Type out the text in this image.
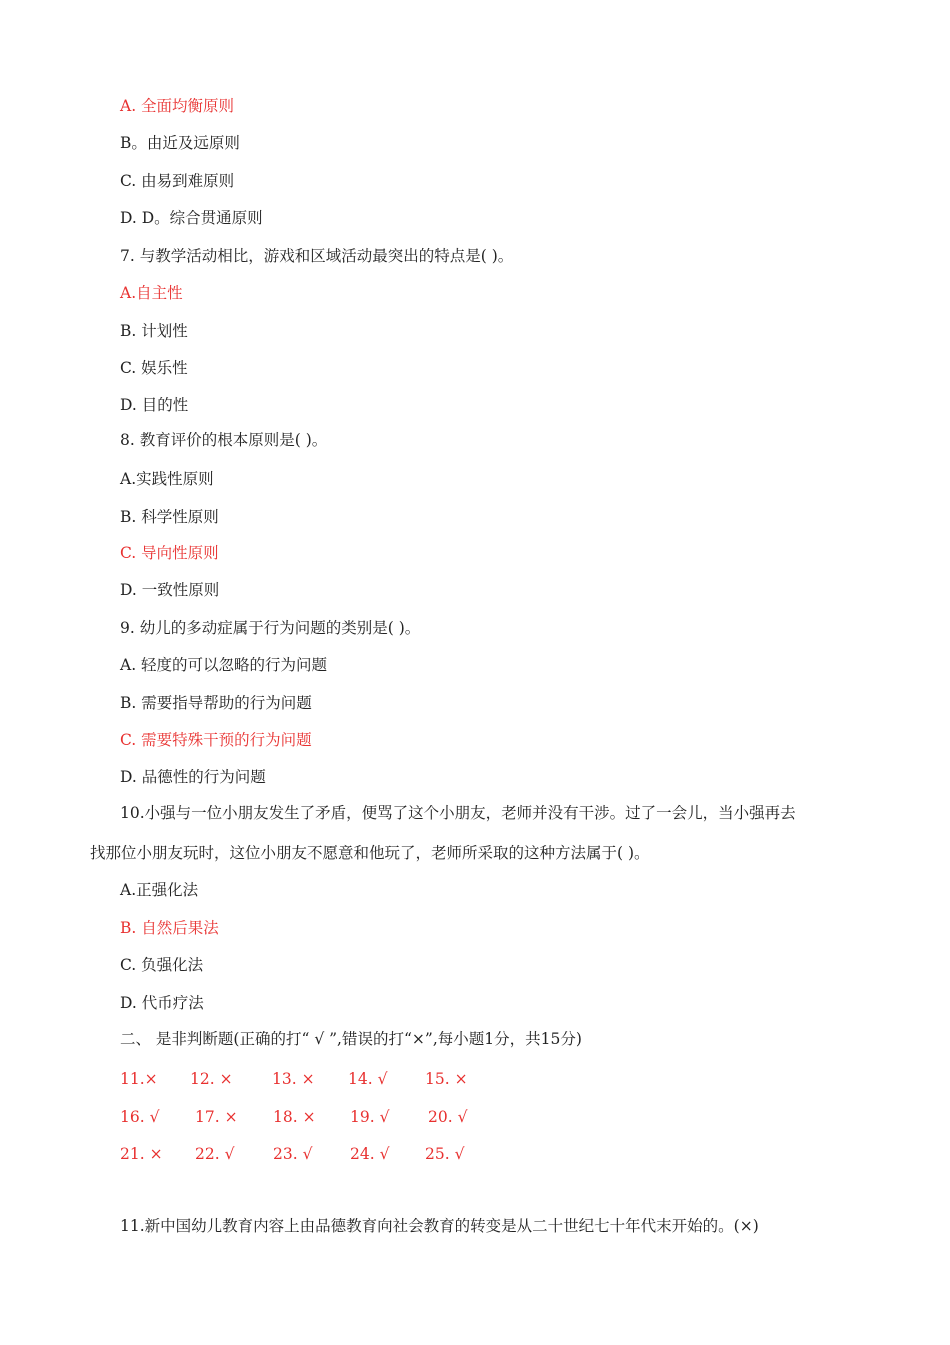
A. 全面均衡原则
B。由近及远原则
C. 由易到难原则
D. D。综合贯通原则
7. 与教学活动相比，游戏和区域活动最突出的特点是( )。
A.自主性
B. 计划性
C. 娱乐性
D. 目的性
8. 教育评价的根本原则是( )。
A.实践性原则
B. 科学性原则
C. 导向性原则
D. 一致性原则
9. 幼儿的多动症属于行为问题的类别是( )。
A. 轻度的可以忽略的行为问题
B. 需要指导帮助的行为问题
C. 需要特殊干预的行为问题
D. 品德性的行为问题
10.小强与一位小朋友发生了矛盾，便骂了这个小朋友，老师并没有干涉。过了一会儿，当小强再去
找那位小朋友玩时，这位小朋友不愿意和他玩了，老师所采取的这种方法属于( )。
A.正强化法
B. 自然后果法
C. 负强化法
D. 代币疗法
二、 是非判断题(正确的打“ √ ”,错误的打“×”,每小题1分，共15分)
11.× 12. ×	13. × 14. √ 15. ×
16. √ 17. × 18. × 19. √ 20. √
21. × 22. √ 23. √ 24. √ 25. √
11.新中国幼儿教育内容上由品德教育向社会教育的转变是从二十世纪七十年代末开始的。(×)
